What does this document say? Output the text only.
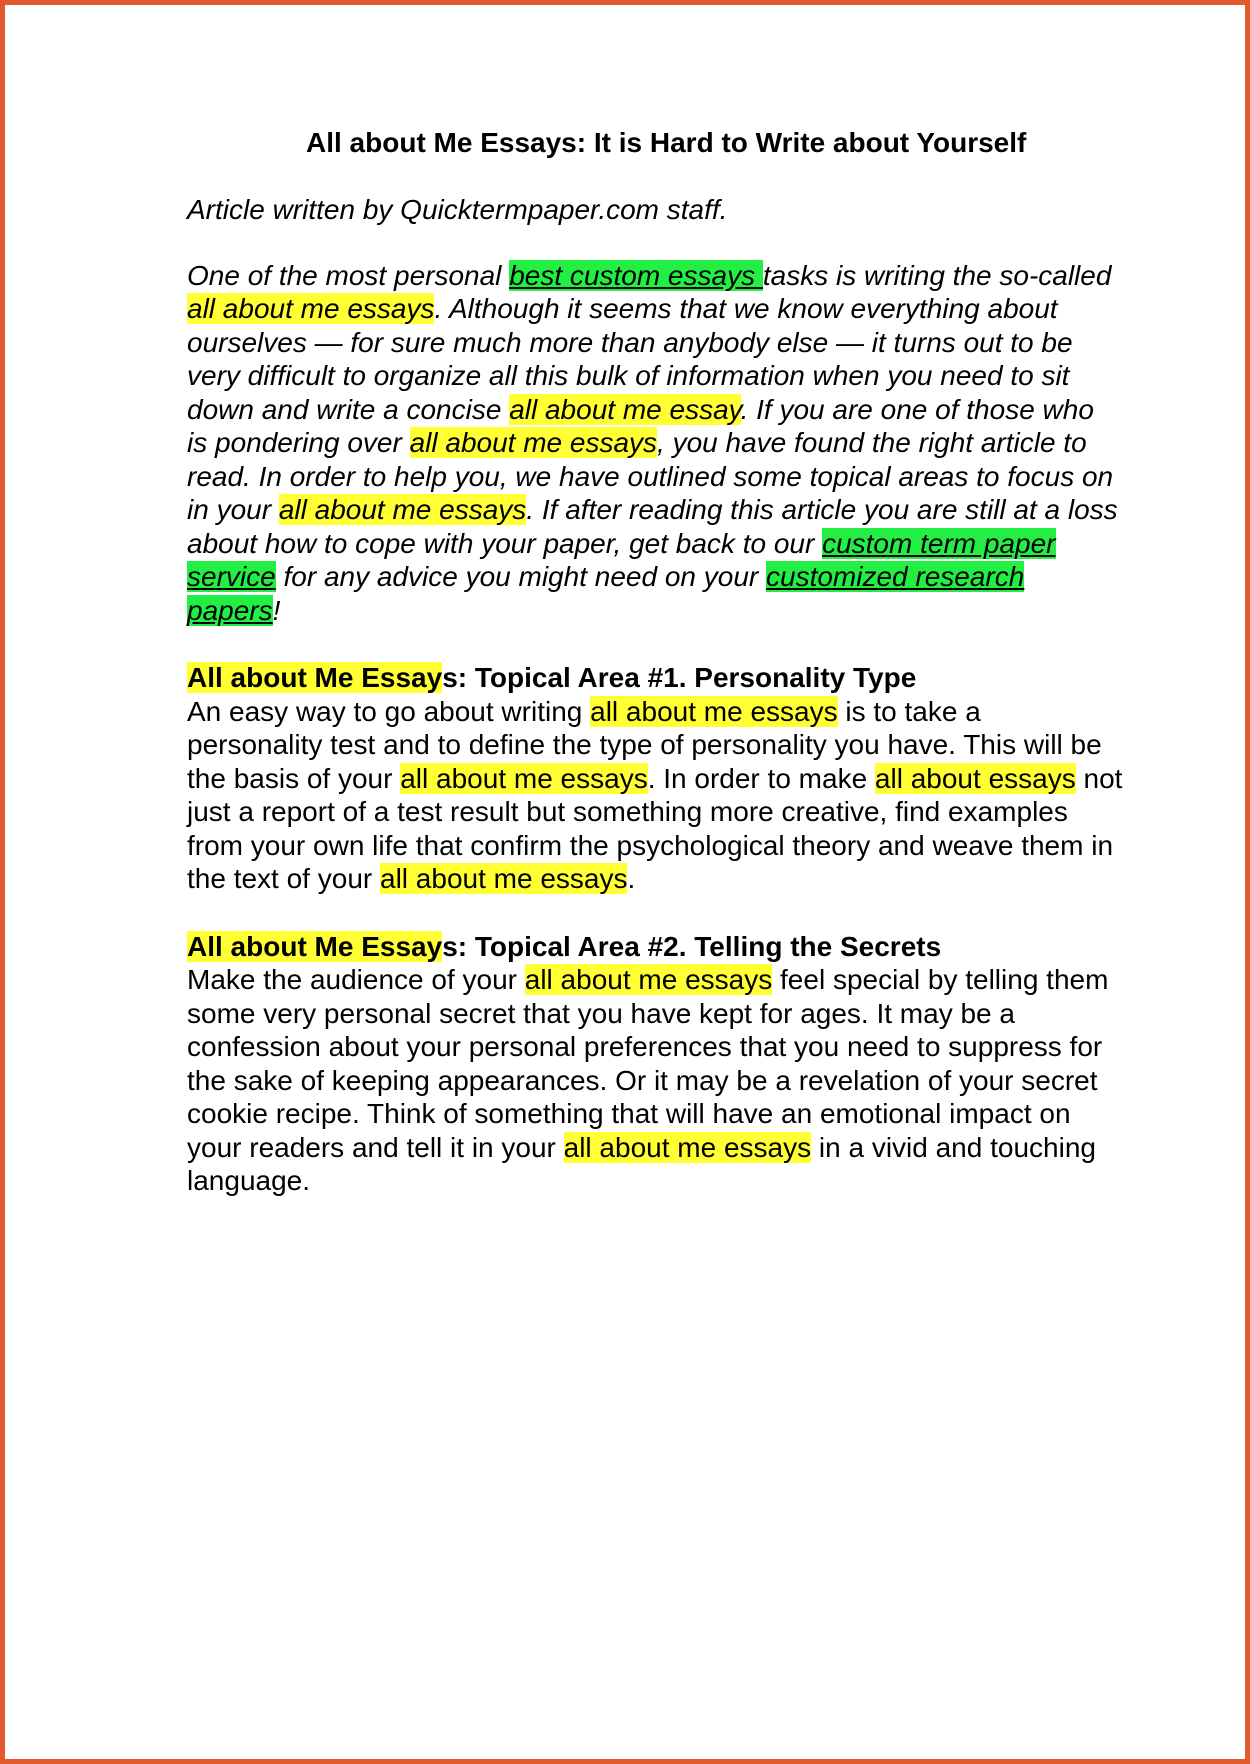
All about Me Essays: It is Hard to Write about Yourself

Article written by Quicktermpaper.com staff.

One of the most personal best custom essays tasks is writing the so-called
all about me essays. Although it seems that we know everything about
ourselves — for sure much more than anybody else — it turns out to be
very difficult to organize all this bulk of information when you need to sit
down and write a concise all about me essay. If you are one of those who
is pondering over all about me essays, you have found the right article to
read. In order to help you, we have outlined some topical areas to focus on
in your all about me essays. If after reading this article you are still at a loss
about how to cope with your paper, get back to our custom term paper
service for any advice you might need on your customized research
papers!

All about Me Essays: Topical Area #1. Personality Type
An easy way to go about writing all about me essays is to take a
personality test and to define the type of personality you have. This will be
the basis of your all about me essays. In order to make all about essays not
just a report of a test result but something more creative, find examples
from your own life that confirm the psychological theory and weave them in
the text of your all about me essays.
All about Me Essays: Topical Area #2. Telling the Secrets
Make the audience of your all about me essays feel special by telling them
some very personal secret that you have kept for ages. It may be a
confession about your personal preferences that you need to suppress for
the sake of keeping appearances. Or it may be a revelation of your secret
cookie recipe. Think of something that will have an emotional impact on
your readers and tell it in your all about me essays in a vivid and touching
language.
